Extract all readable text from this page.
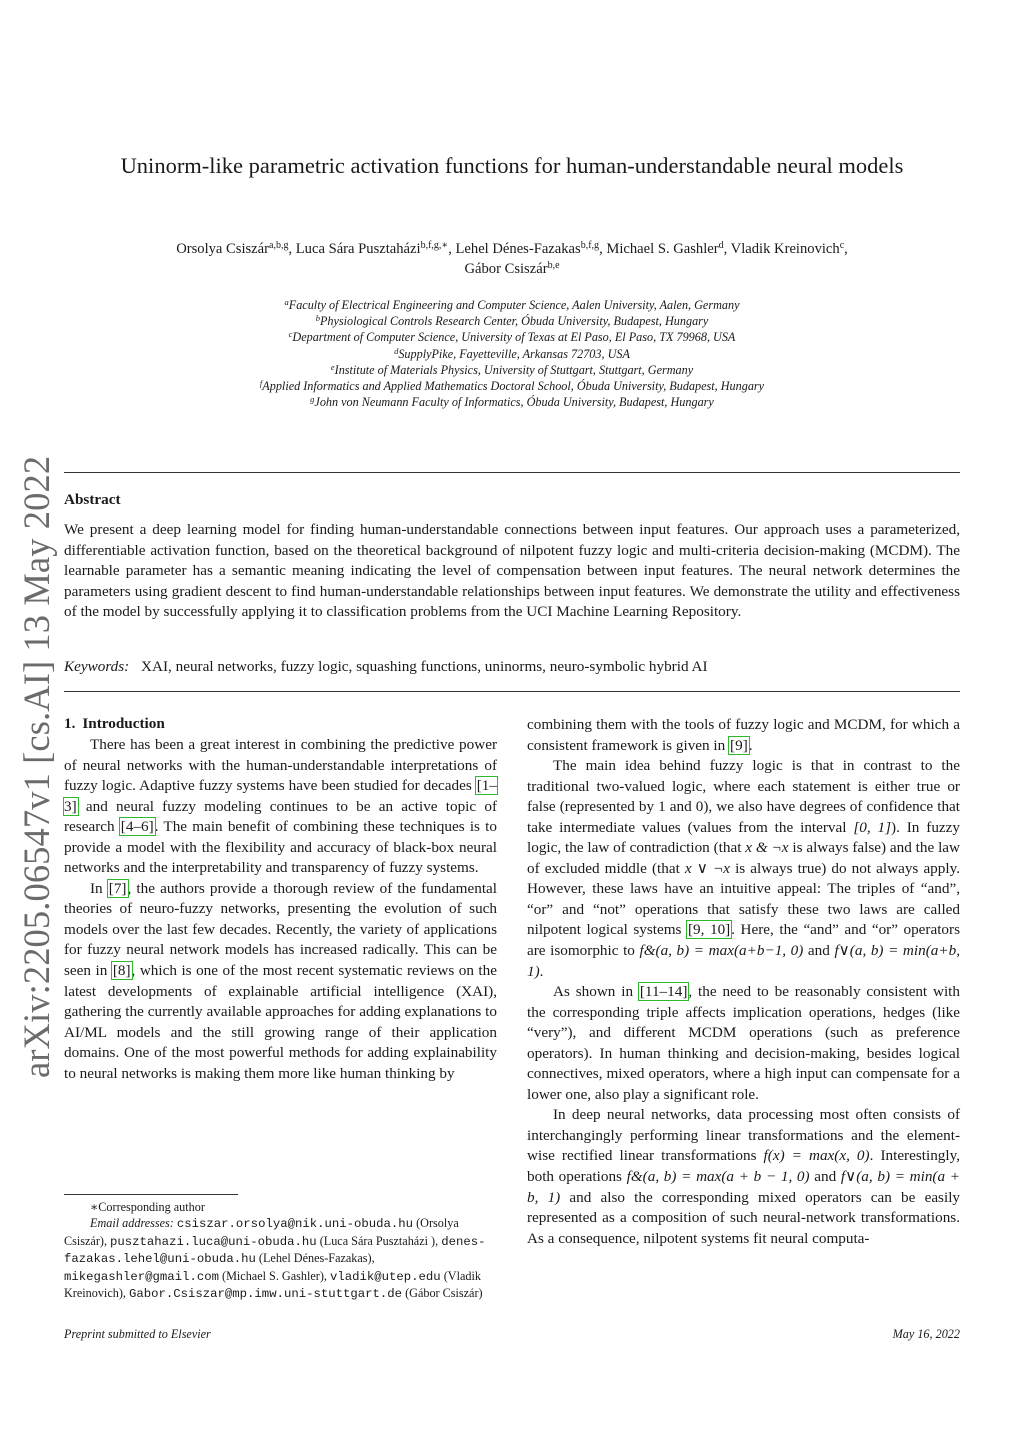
Uninorm-like parametric activation functions for human-understandable neural models
Orsolya Csiszár$^{a,b,g}$, Luca Sára Pusztaházi$^{b,f,g,∗}$, Lehel Dénes-Fazakas$^{b,f,g}$, Michael S. Gashler$^d$, Vladik Kreinovich$^c$,
Gábor Csiszár$^{b,e}$
$^a$Faculty of Electrical Engineering and Computer Science, Aalen University, Aalen, Germany
$^b$Physiological Controls Research Center, Óbuda University, Budapest, Hungary
$^c$Department of Computer Science, University of Texas at El Paso, El Paso, TX 79968, USA
$^d$SupplyPike, Fayetteville, Arkansas 72703, USA
$^e$Institute of Materials Physics, University of Stuttgart, Stuttgart, Germany
$^f$Applied Informatics and Applied Mathematics Doctoral School, Óbuda University, Budapest, Hungary
$^g$John von Neumann Faculty of Informatics, Óbuda University, Budapest, Hungary
arXiv:2205.06547v1 [cs.AI] 13 May 2022 Abstract
We present a deep learning model for finding human-understandable connections between input features. Our approach uses a parameterized, differentiable activation function, based on the theoretical background of nilpotent fuzzy logic and multi-criteria decision-making (MCDM). The learnable parameter has a semantic meaning indicating the level of compensation between input features. The neural network determines the parameters using gradient descent to find human-understandable relationships between input features. We demonstrate the utility and effectiveness of the model by successfully applying it to classification problems from the UCI Machine Learning Repository.
Keywords: XAI, neural networks, fuzzy logic, squashing functions, uninorms, neuro-symbolic hybrid AI
1. Introduction

There has been a great interest in combining the predictive power of neural networks with the human-understandable interpretations of fuzzy logic. Adaptive fuzzy systems have been studied for decades [1–3] and neural fuzzy modeling continues to be an active topic of research [4–6]. The main benefit of combining these techniques is to provide a model with the flexibility and accuracy of black-box neural networks and the interpretability and transparency of fuzzy systems.

In [7], the authors provide a thorough review of the fundamental theories of neuro-fuzzy networks, presenting the evolution of such models over the last few decades. Recently, the variety of applications for fuzzy neural network models has increased radically. This can be seen in [8], which is one of the most recent systematic reviews on the latest developments of explainable artificial intelligence (XAI), gathering the currently available approaches for adding explanations to AI/ML models and the still growing range of their application domains. One of the most powerful methods for adding explainability to neural networks is making them more like human thinking by

combining them with the tools of fuzzy logic and MCDM, for which a consistent framework is given in [9].

The main idea behind fuzzy logic is that in contrast to the traditional two-valued logic, where each statement is either true or false (represented by 1 and 0), we also have degrees of confidence that take intermediate values (values from the interval [0, 1]). In fuzzy logic, the law of contradiction (that x & ¬x is always false) and the law of excluded middle (that x ∨ ¬x is always true) do not always apply. However, these laws have an intuitive appeal: The triples of “and”, “or” and “not” operations that satisfy these two laws are called nilpotent logical systems [9, 10]. Here, the “and” and “or” operators are isomorphic to f&(a, b) = max(a+b−1, 0) and f∨(a, b) = min(a+b, 1).

As shown in [11–14], the need to be reasonably consistent with the corresponding triple affects implication operations, hedges (like “very”), and different MCDM operations (such as preference operators). In human thinking and decision-making, besides logical connectives, mixed operators, where a high input can compensate for a lower one, also play a significant role.

In deep neural networks, data processing most often consists of interchangingly performing linear transformations and the element-wise rectified linear transformations f(x) = max(x, 0). Interestingly, both operations f&(a, b) = max(a + b − 1, 0) and f∨(a, b) = min(a + b, 1) and also the corresponding mixed operators can be easily represented as a composition of such neural-network transformations. As a consequence, nilpotent systems fit neural computa-

∗Corresponding author

Email addresses: csiszar.orsolya@nik.uni-obuda.hu (Orsolya Csiszár), pusztahazi.luca@uni-obuda.hu (Luca Sára Pusztaházi ), denes-fazakas.lehel@uni-obuda.hu (Lehel Dénes-Fazakas), mikegashler@gmail.com (Michael S. Gashler), vladik@utep.edu (Vladik Kreinovich), Gabor.Csiszar@mp.imw.uni-stuttgart.de (Gábor Csiszár)

Preprint submitted to Elsevier	May 16, 2022
